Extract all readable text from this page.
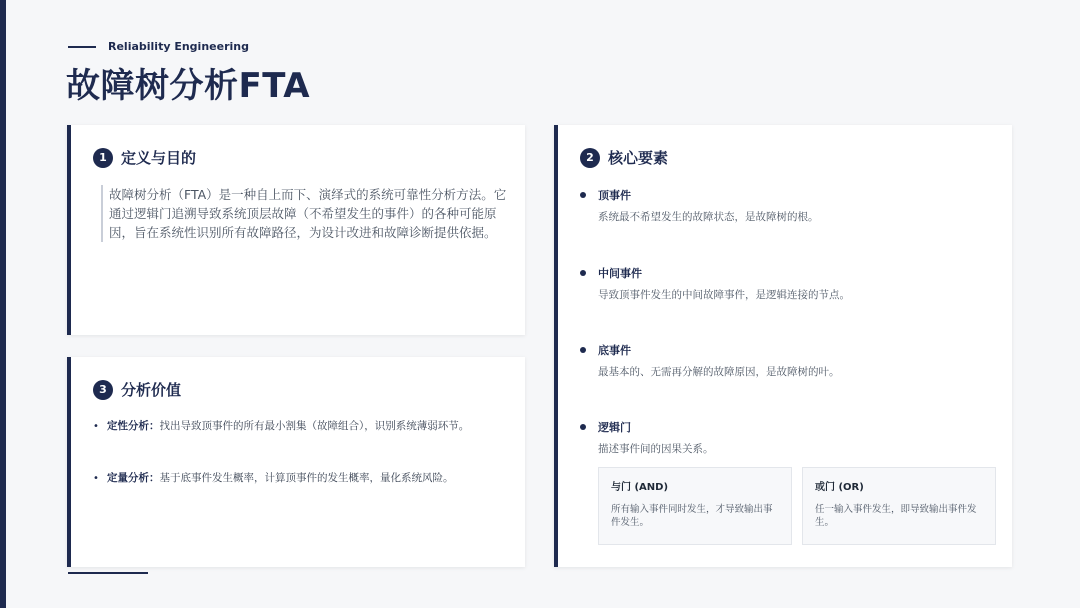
Reliability Engineering
故障树分析FTA
1 定义与目的
故障树分析（FTA）是一种自上而下、演绎式的系统可靠性分析方法。它通过逻辑门追溯导致系统顶层故障（不希望发生的事件）的各种可能原因，旨在系统性识别所有故障路径，为设计改进和故障诊断提供依据。
3 分析价值
• 定性分析：找出导致顶事件的所有最小割集（故障组合），识别系统薄弱环节。
• 定量分析：基于底事件发生概率，计算顶事件的发生概率，量化系统风险。
2 核心要素
顶事件
系统最不希望发生的故障状态，是故障树的根。
中间事件
导致顶事件发生的中间故障事件，是逻辑连接的节点。
底事件
最基本的、无需再分解的故障原因，是故障树的叶。
逻辑门
描述事件间的因果关系。
与门 (AND)
所有输入事件同时发生，才导致输出事件发生。
或门 (OR)
任一输入事件发生，即导致输出事件发生。
